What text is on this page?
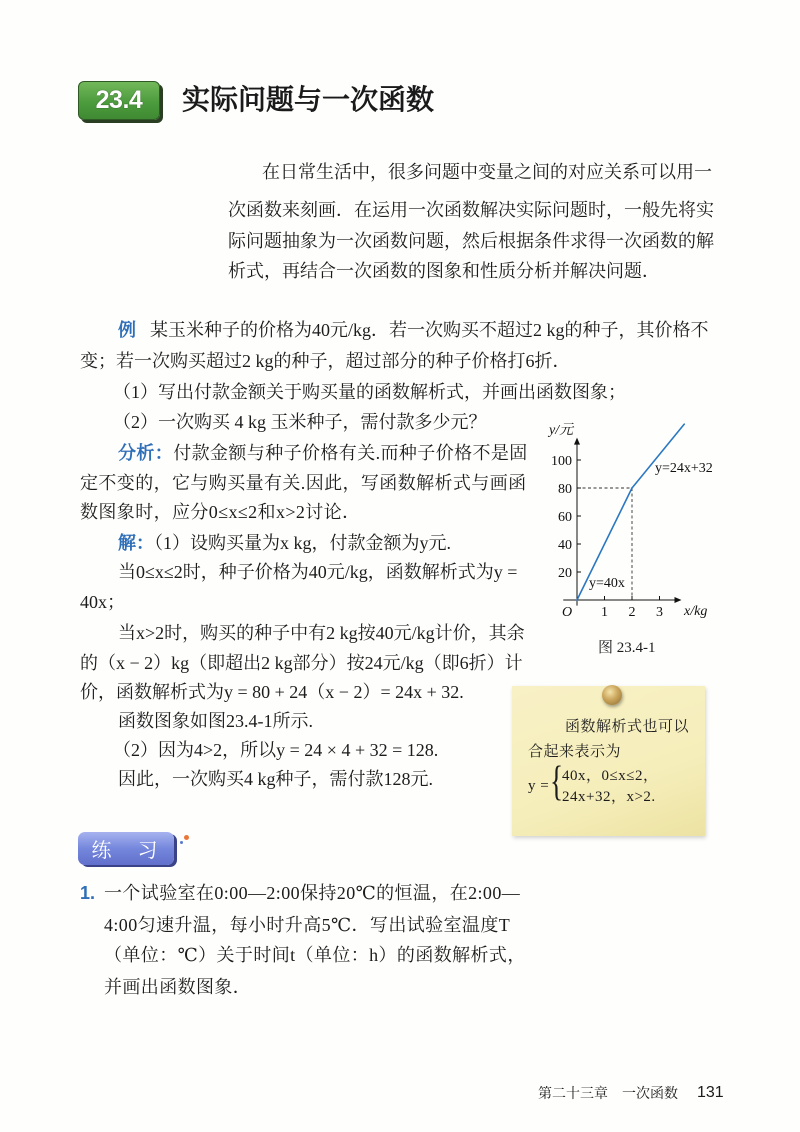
23.4 实际问题与一次函数
在日常生活中，很多问题中变量之间的对应关系可以用一
次函数来刻画．在运用一次函数解决实际问题时，一般先将实
际问题抽象为一次函数问题，然后根据条件求得一次函数的解
析式，再结合一次函数的图象和性质分析并解决问题．
例 某玉米种子的价格为40元/kg．若一次购买不超过2 kg的种子，其价格不
变；若一次购买超过2 kg的种子，超过部分的种子价格打6折．
（1）写出付款金额关于购买量的函数解析式，并画出函数图象；
（2）一次购买 4 kg 玉米种子，需付款多少元？
分析：付款金额与种子价格有关.而种子价格不是固
定不变的，它与购买量有关.因此，写函数解析式与画函
数图象时，应分0≤x≤2和x>2讨论．
解：（1）设购买量为x kg，付款金额为y元.
当0≤x≤2时，种子价格为40元/kg，函数解析式为y =
40x；
当x>2时，购买的种子中有2 kg按40元/kg计价，其余
的（x − 2）kg（即超出2 kg部分）按24元/kg（即6折）计
价，函数解析式为y = 80 + 24（x − 2）= 24x + 32.
函数图象如图23.4-1所示.
（2）因为4>2，所以y = 24 × 4 + 32 = 128.
因此，一次购买4 kg种子，需付款128元.
1 2 3
20
40
60
80
100
y/元
x/kg
O
y=40x
y=24x+32
图 23.4-1
函数解析式也可以
合起来表示为
y = {
40x，0≤x≤2，
24x+32，x>2.
练　习
1. 一个试验室在0:00—2:00保持20℃的恒温，在2:00—
4:00匀速升温，每小时升高5℃．写出试验室温度T
（单位：℃）关于时间t（单位：h）的函数解析式，
并画出函数图象．
第二十三章　一次函数 131
